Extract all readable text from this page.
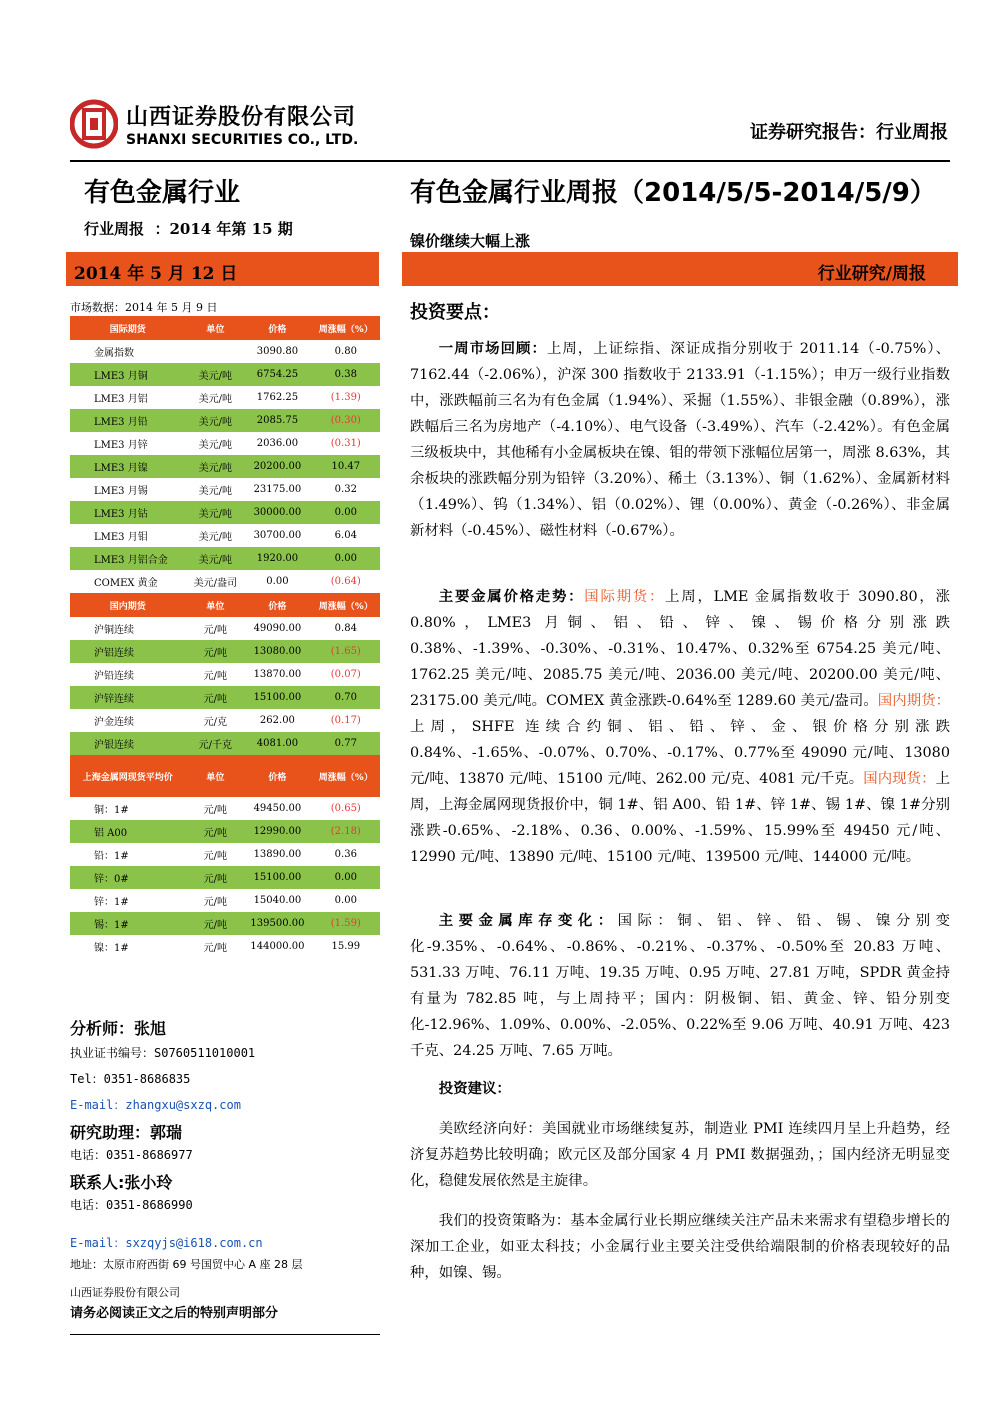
山西证券股份有限公司
SHANXI SECURITIES CO., LTD.	证券研究报告：行业周报
有色金属行业	有色金属行业周报（2014/5/5-2014/5/9）
行业周报  ：2014 年第 15 期
镍价继续大幅上涨
2014 年 5 月 12 日	行业研究/周报
市场数据：2014 年 5 月 9 日
国际期货	单位	价格	周涨幅（%）
金属指数		3090.80	0.80
LME3 月铜	美元/吨	6754.25	0.38
LME3 月铝	美元/吨	1762.25	(1.39)
LME3 月铅	美元/吨	2085.75	(0.30)
LME3 月锌	美元/吨	2036.00	(0.31)
LME3 月镍	美元/吨	20200.00	10.47
LME3 月锡	美元/吨	23175.00	0.32
LME3 月钴	美元/吨	30000.00	0.00
LME3 月钼	美元/吨	30700.00	6.04
LME3 月铝合金	美元/吨	1920.00	0.00
COMEX 黄金	美元/盎司	0.00	(0.64)
国内期货	单位	价格	周涨幅（%）
沪铜连续	元/吨	49090.00	0.84
沪铝连续	元/吨	13080.00	(1.65)
沪铅连续	元/吨	13870.00	(0.07)
沪锌连续	元/吨	15100.00	0.70
沪金连续	元/克	262.00	(0.17)
沪银连续	元/千克	4081.00	0.77
上海金属网现货平均价	单位	价格	周涨幅（%）
铜：1#	元/吨	49450.00	(0.65)
铝 A00	元/吨	12990.00	(2.18)
铅：1#	元/吨	13890.00	0.36
锌：0#	元/吨	15100.00	0.00
锌：1#	元/吨	15040.00	0.00
锡：1#	元/吨	139500.00	(1.59)
镍：1#	元/吨	144000.00	15.99
分析师：张旭
执业证书编号：S0760511010001
Tel：0351-8686835
E-mail：zhangxu@sxzq.com
研究助理：郭瑞
电话：0351-8686977
联系人:张小玲
电话：0351-8686990
E-mail：sxzqyjs@i618.com.cn
地址：太原市府西街 69 号国贸中心 A 座 28 层
山西证券股份有限公司
请务必阅读正文之后的特别声明部分
投资要点：
一周市场回顾：上周，上证综指、深证成指分别收于 2011.14（-0.75%）、7162.44（-2.06%），沪深 300 指数收于 2133.91（-1.15%）；申万一级行业指数中，涨跌幅前三名为有色金属（1.94%）、采掘（1.55%）、非银金融（0.89%），涨跌幅后三名为房地产（-4.10%）、电气设备（-3.49%）、汽车（-2.42%）。有色金属三级板块中，其他稀有小金属板块在镍、钼的带领下涨幅位居第一，周涨 8.63%，其余板块的涨跌幅分别为铅锌（3.20%）、稀土（3.13%）、铜（1.62%）、金属新材料（1.49%）、钨（1.34%）、铝（0.02%）、锂（0.00%）、黄金（-0.26%）、非金属新材料（-0.45%）、磁性材料（-0.67%）。
主要金属价格走势：国际期货：上周，LME 金属指数收于 3090.80，涨 0.80%，LME3 月铜、铝、铅、锌、镍、锡价格分别涨跌 0.38%、-1.39%、-0.30%、-0.31%、10.47%、0.32%至 6754.25 美元/吨、1762.25 美元/吨、2085.75 美元/吨、2036.00 美元/吨、20200.00 美元/吨、23175.00 美元/吨。COMEX 黄金涨跌-0.64%至 1289.60 美元/盎司。国内期货：上周，SHFE 连续合约铜、铝、铅、锌、金、银价格分别涨跌 0.84%、-1.65%、-0.07%、0.70%、-0.17%、0.77%至 49090 元/吨、13080 元/吨、13870 元/吨、15100 元/吨、262.00 元/克、4081 元/千克。国内现货：上周，上海金属网现货报价中，铜 1#、铝 A00、铅 1#、锌 1#、锡 1#、镍 1#分别涨跌-0.65%、-2.18%、0.36、0.00%、-1.59%、15.99%至 49450 元/吨、12990 元/吨、13890 元/吨、15100 元/吨、139500 元/吨、144000 元/吨。
主要金属库存变化：国际：铜、铝、锌、铅、锡、镍分别变化-9.35%、-0.64%、-0.86%、-0.21%、-0.37%、-0.50%至 20.83 万吨、531.33 万吨、76.11 万吨、19.35 万吨、0.95 万吨、27.81 万吨，SPDR 黄金持有量为 782.85 吨，与上周持平；国内：阴极铜、铝、黄金、锌、铅分别变化-12.96%、1.09%、0.00%、-2.05%、0.22%至 9.06 万吨、40.91 万吨、423 千克、24.25 万吨、7.65 万吨。
投资建议：
美欧经济向好：美国就业市场继续复苏，制造业 PMI 连续四月呈上升趋势，经济复苏趋势比较明确；欧元区及部分国家 4 月 PMI 数据强劲，；国内经济无明显变化，稳健发展依然是主旋律。
我们的投资策略为：基本金属行业长期应继续关注产品未来需求有望稳步增长的深加工企业，如亚太科技；小金属行业主要关注受供给端限制的价格表现较好的品种，如镍、锡。
